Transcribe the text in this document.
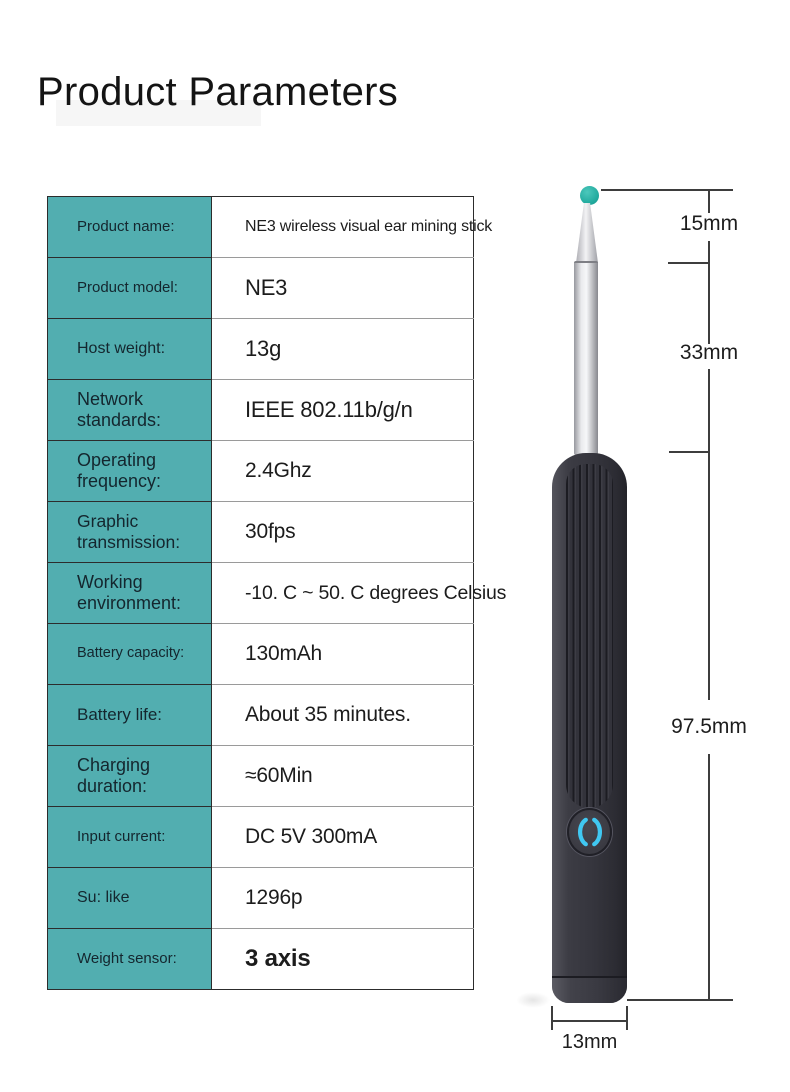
Product Parameters
Product name:	NE3 wireless visual ear mining stick
Product model:	NE3
Host weight:	13g
Network standards:	IEEE 802.11b/g/n
Operating frequency:	2.4Ghz
Graphic transmission:	30fps
Working environment:	-10. C ~ 50. C degrees Celsius
Battery capacity:	130mAh
Battery life:	About 35 minutes.
Charging duration:	≈60Min
Input current:	DC 5V 300mA
Su: like	1296p
Weight sensor:	3 axis
15mm
33mm
97.5mm
13mm
